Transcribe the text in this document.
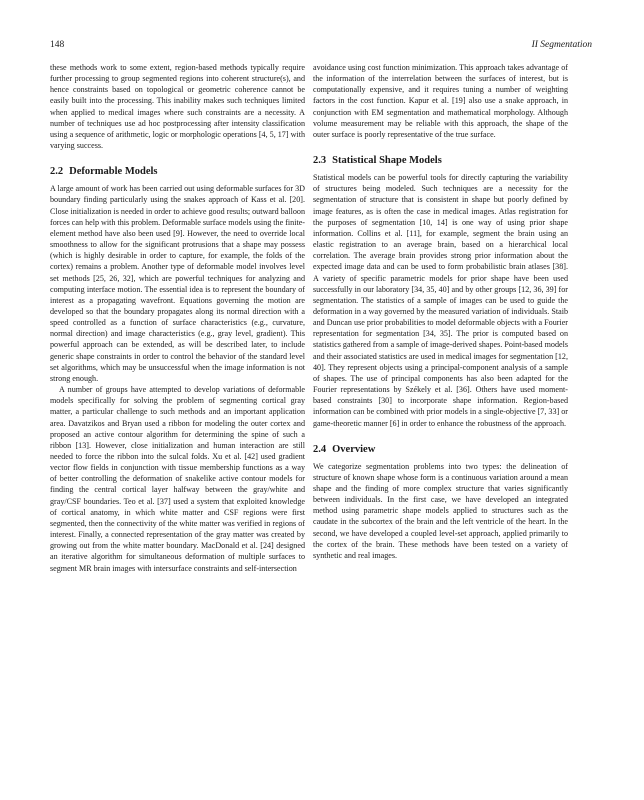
148	II Segmentation

these methods work to some extent, region-based methods typically require further processing to group segmented regions into coherent structure(s), and hence constraints based on topological or geometric coherence cannot be easily built into the processing. This inability makes such techniques limited when applied to medical images where such constraints are a necessity. A number of techniques use ad hoc postprocessing after intensity classification using a sequence of arithmetic, logic or morphologic operations [4, 5, 17] with varying success.

2.2 Deformable Models

A large amount of work has been carried out using deformable surfaces for 3D boundary finding particularly using the snakes approach of Kass et al. [20]. Close initialization is needed in order to achieve good results; outward balloon forces can help with this problem. Deformable surface models using the finite-element method have also been used [9]. However, the need to override local smoothness to allow for the significant protrusions that a shape may possess (which is highly desirable in order to capture, for example, the folds of the cortex) remains a problem. Another type of deformable model involves level set methods [25, 26, 32], which are powerful techniques for analyzing and computing interface motion. The essential idea is to represent the boundary of interest as a propagating wavefront. Equations governing the motion are developed so that the boundary propagates along its normal direction with a speed controlled as a function of surface characteristics (e.g., curvature, normal direction) and image characteristics (e.g., gray level, gradient). This powerful approach can be extended, as will be described later, to include generic shape constraints in order to control the behavior of the standard level set algorithms, which may be unsuccessful when the image information is not strong enough.

A number of groups have attempted to develop variations of deformable models specifically for solving the problem of segmenting cortical gray matter, a particular challenge to such methods and an important application area. Davatzikos and Bryan used a ribbon for modeling the outer cortex and proposed an active contour algorithm for determining the spine of such a ribbon [13]. However, close initialization and human interaction are still needed to force the ribbon into the sulcal folds. Xu et al. [42] used gradient vector flow fields in conjunction with tissue membership functions as a way of better controlling the deformation of snakelike active contour models for finding the central cortical layer halfway between the gray/white and gray/CSF boundaries. Teo et al. [37] used a system that exploited knowledge of cortical anatomy, in which white matter and CSF regions were first segmented, then the connectivity of the white matter was verified in regions of interest. Finally, a connected representation of the gray matter was created by growing out from the white matter boundary. MacDonald et al. [24] designed an iterative algorithm for simultaneous deformation of multiple surfaces to segment MR brain images with intersurface constraints and self-intersection

avoidance using cost function minimization. This approach takes advantage of the information of the interrelation between the surfaces of interest, but is computationally expensive, and it requires tuning a number of weighting factors in the cost function. Kapur et al. [19] also use a snake approach, in conjunction with EM segmentation and mathematical morphology. Although volume measurement may be reliable with this approach, the shape of the outer surface is poorly representative of the true surface.

2.3 Statistical Shape Models

Statistical models can be powerful tools for directly capturing the variability of structures being modeled. Such techniques are a necessity for the segmentation of structure that is consistent in shape but poorly defined by image features, as is often the case in medical images. Atlas registration for the purposes of segmentation [10, 14] is one way of using prior shape information. Collins et al. [11], for example, segment the brain using an elastic registration to an average brain, based on a hierarchical local correlation. The average brain provides strong prior information about the expected image data and can be used to form probabilistic brain atlases [38]. A variety of specific parametric models for prior shape have been used successfully in our laboratory [34, 35, 40] and by other groups [12, 36, 39] for segmentation. The statistics of a sample of images can be used to guide the deformation in a way governed by the measured variation of individuals. Staib and Duncan use prior probabilities to model deformable objects with a Fourier representation for segmentation [34, 35]. The prior is computed based on statistics gathered from a sample of image-derived shapes. Point-based models and their associated statistics are used in medical images for segmentation [12, 40]. They represent objects using a principal-component analysis of a sample of shapes. The use of principal components has also been adapted for the Fourier representations by Székely et al. [36]. Others have used moment-based constraints [30] to incorporate shape information. Region-based information can be combined with prior models in a single-objective [7, 33] or game-theoretic manner [6] in order to enhance the robustness of the approach.

2.4 Overview

We categorize segmentation problems into two types: the delineation of structure of known shape whose form is a continuous variation around a mean shape and the finding of more complex structure that varies significantly between individuals. In the first case, we have developed an integrated method using parametric shape models applied to structures such as the caudate in the subcortex of the brain and the left ventricle of the heart. In the second, we have developed a coupled level-set approach, applied primarily to the cortex of the brain. These methods have been tested on a variety of synthetic and real images.
